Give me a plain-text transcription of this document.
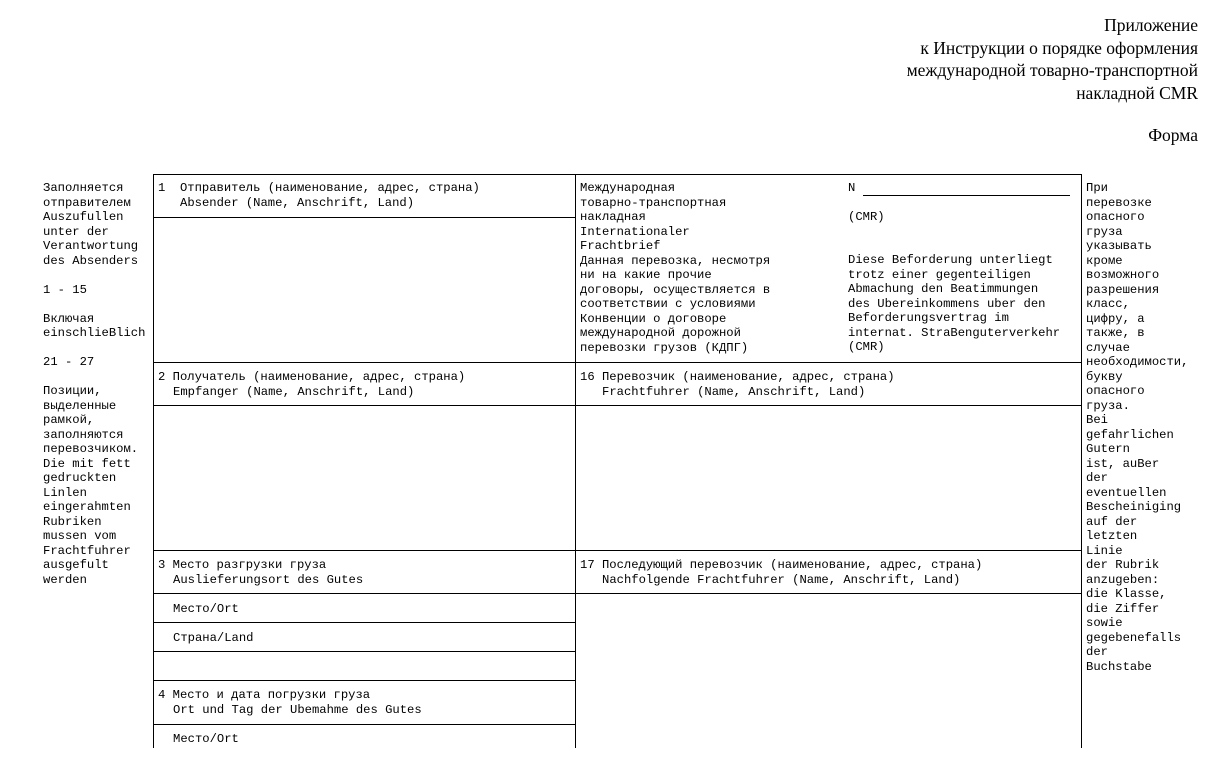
Приложение
к Инструкции о порядке оформления
международной товарно-транспортной
накладной CMR
Форма
Заполняется
отправителем
Auszufullen
unter der
Verantwortung
des Absenders

1 - 15

Включая
einschlieBlich

21 - 27

Позиции,
выделенные
рамкой,
заполняются
перевозчиком.
Die mit fett
gedruckten
Linlen
eingerahmten
Rubriken
mussen vom
Frachtfuhrer
ausgefult
werden
При
перевозке
опасного
груза
указывать
кроме
возможного
разрешения
класс,
цифру, а
также, в
случае
необходимости,
букву
опасного
груза.
Bei
gefahrlichen
Gutern
ist, auBer
der
eventuellen
Bescheiniging
auf der
letzten
Linie
der Rubrik
anzugeben:
die Klasse,
die Ziffer
sowie
gegebenefalls
der
Buchstabe
1 Отправитель (наименование, адрес, страна)
Absender (Name, Anschrift, Land)
Международная
товарно-транспортная
накладная
Internationaler
Frachtbrief
Данная перевозка, несмотря
ни на какие прочие
договоры, осуществляется в
соответствии с условиями
Конвенции о договоре
международной дорожной
перевозки грузов (КДПГ)
N
(CMR)
Diese Beforderung unterliegt
trotz einer gegenteiligen
Abmachung den Beatimmungen
des Ubereinkommens uber den
Beforderungsvertrag im
internat. StraBenguterverkehr
(CMR)
2 Получатель (наименование, адрес, страна)
Empfanger (Name, Anschrift, Land)
16 Перевозчик (наименование, адрес, страна)
Frachtfuhrer (Name, Anschrift, Land)
3 Место разгрузки груза
Auslieferungsort des Gutes
Место/Ort
Страна/Land
17 Последующий перевозчик (наименование, адрес, страна)
Nachfolgende Frachtfuhrer (Name, Anschrift, Land)
4 Место и дата погрузки груза
Ort und Tag der Ubemahme des Gutes
Место/Ort
